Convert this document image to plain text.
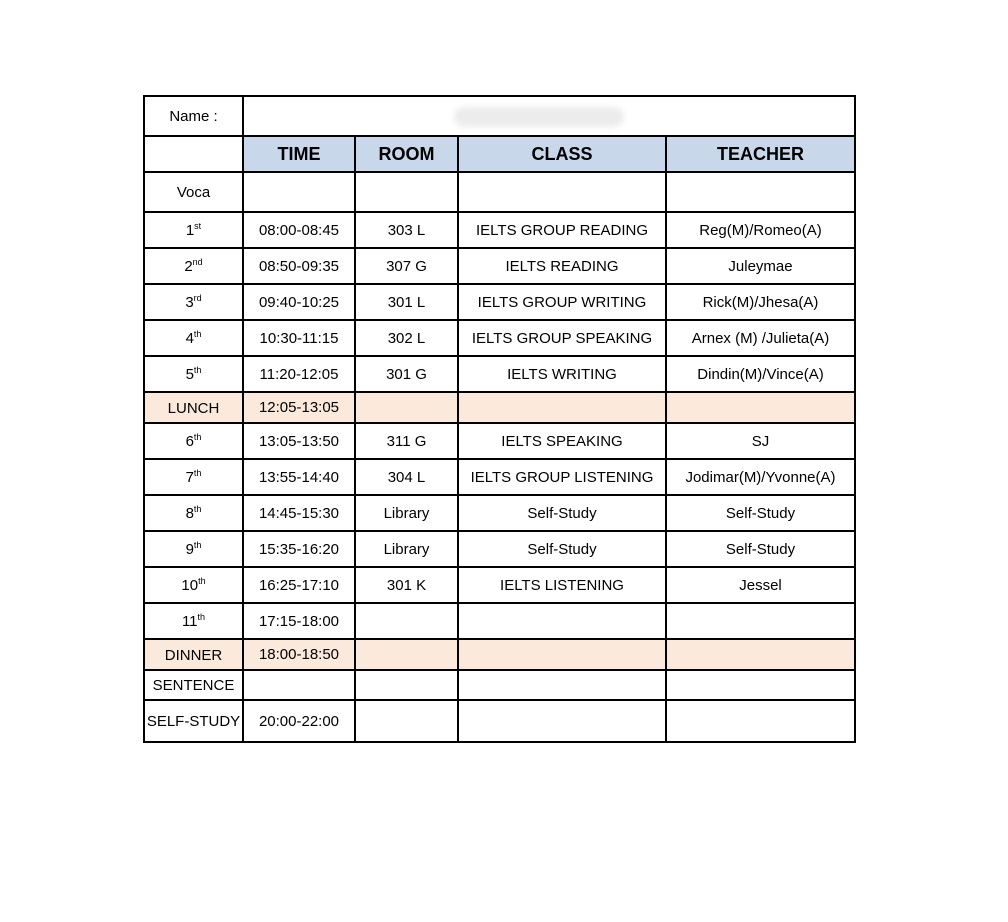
Name :				

	TIME	ROOM	CLASS	TEACHER
Voca				
1st	08:00-08:45	303 L	IELTS GROUP READING	Reg(M)/Romeo(A)
2nd	08:50-09:35	307 G	IELTS READING	Juleymae
3rd	09:40-10:25	301 L	IELTS GROUP WRITING	Rick(M)/Jhesa(A)
4th	10:30-11:15	302 L	IELTS GROUP SPEAKING	Arnex (M) /Julieta(A)
5th	11:20-12:05	301 G	IELTS WRITING	Dindin(M)/Vince(A)
LUNCH	12:05-13:05			
6th	13:05-13:50	311 G	IELTS SPEAKING	SJ
7th	13:55-14:40	304 L	IELTS GROUP LISTENING	Jodimar(M)/Yvonne(A)
8th	14:45-15:30	Library	Self-Study	Self-Study
9th	15:35-16:20	Library	Self-Study	Self-Study
10th	16:25-17:10	301 K	IELTS LISTENING	Jessel
11th	17:15-18:00			
DINNER	18:00-18:50			
SENTENCE				
SELF-STUDY	20:00-22:00			
